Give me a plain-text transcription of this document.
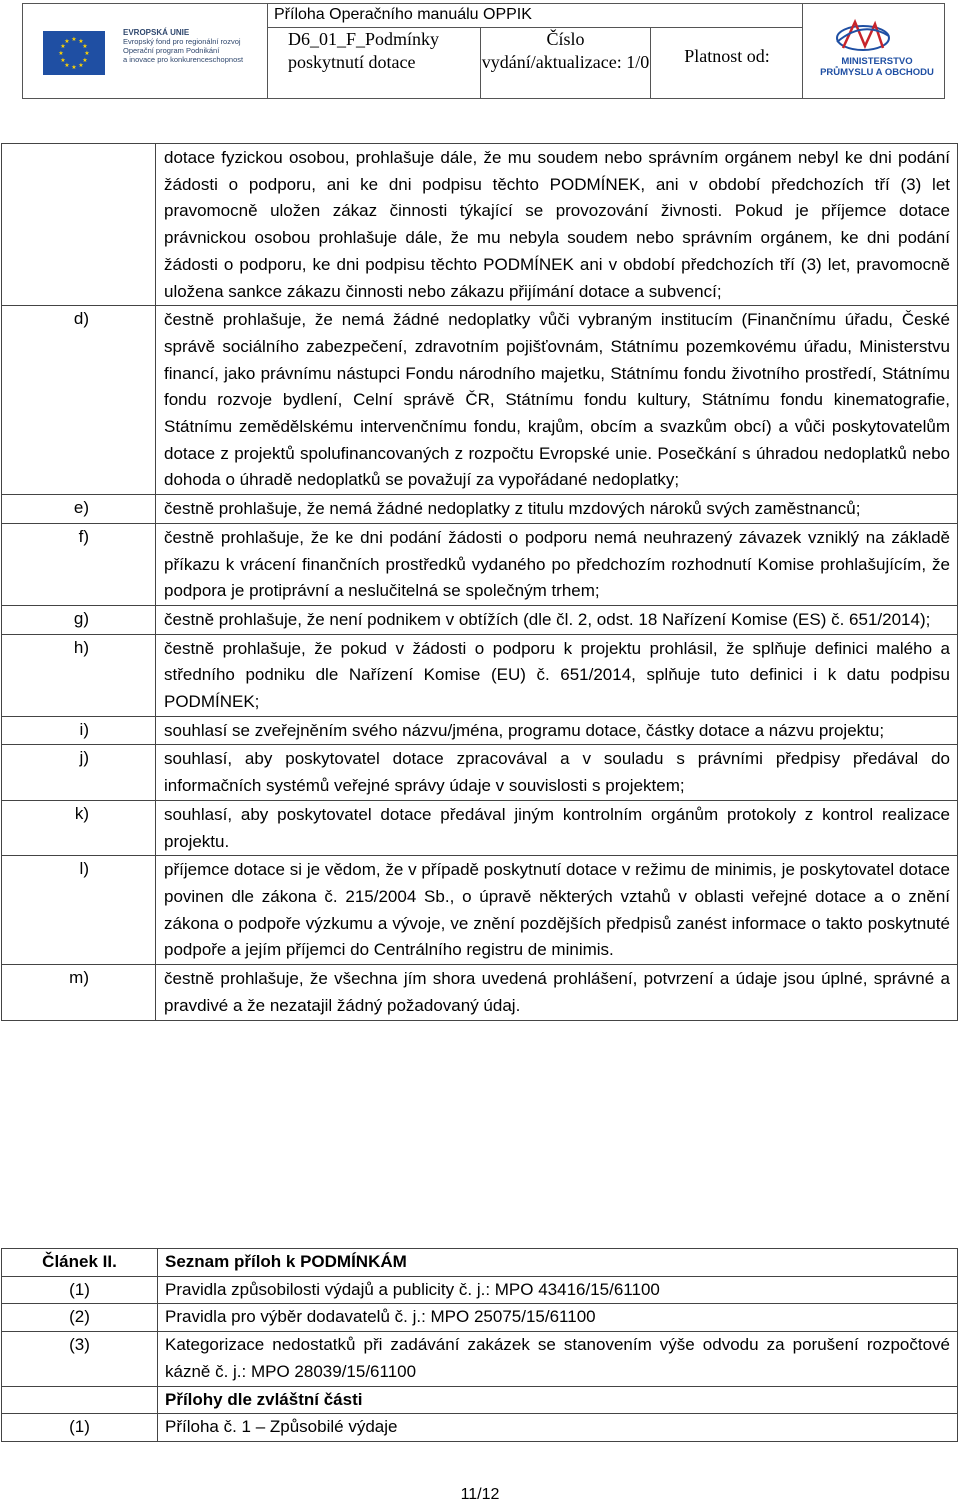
★ ★
★
★
★
★
★
★
★
★
★
★
EVROPSKÁ UNIE
Evropský fond pro regionální rozvoj
Operační program Podnikání
a inovace pro konkurenceschopnost
Příloha Operačního manuálu OPPIK
D6_01_F_Podmínky poskytnutí dotace
Číslo vydání/aktualizace: 1/0	Platnost od:	MINISTERSTVO
PRŮMYSLU A OBCHODU
	dotace fyzickou osobou, prohlašuje dále, že mu soudem nebo správním orgánem nebyl ke dni podání žádosti o podporu, ani ke dni podpisu těchto PODMÍNEK, ani v období předchozích tří (3) let pravomocně uložen zákaz činnosti týkající se provozování živnosti. Pokud je příjemce dotace právnickou osobou prohlašuje dále, že mu nebyla soudem nebo správním orgánem, ke dni podání žádosti o podporu, ke dni podpisu těchto PODMÍNEK ani v období předchozích tří (3) let, pravomocně uložena sankce zákazu činnosti nebo zákazu přijímání dotace a subvencí;
d)	čestně prohlašuje, že nemá žádné nedoplatky vůči vybraným institucím (Finančnímu úřadu, České správě sociálního zabezpečení, zdravotním pojišťovnám, Státnímu pozemkovému úřadu, Ministerstvu financí, jako právnímu nástupci Fondu národního majetku, Státnímu fondu životního prostředí, Státnímu fondu rozvoje bydlení, Celní správě ČR, Státnímu fondu kultury, Státnímu fondu kinematografie, Státnímu zemědělskému intervenčnímu fondu, krajům, obcím a svazkům obcí) a vůči poskytovatelům dotace z projektů spolufinancovaných z rozpočtu Evropské unie. Posečkání s úhradou nedoplatků nebo dohoda o úhradě nedoplatků se považují za vypořádané nedoplatky;
e)	čestně prohlašuje, že nemá žádné nedoplatky z titulu mzdových nároků svých zaměstnanců;
f)	čestně prohlašuje, že ke dni podání žádosti o podporu nemá neuhrazený závazek vzniklý na základě příkazu k vrácení finančních prostředků vydaného po předchozím rozhodnutí Komise prohlašujícím, že podpora je protiprávní a neslučitelná se společným trhem;
g)	čestně prohlašuje, že není podnikem v obtížích (dle čl. 2, odst. 18 Nařízení Komise (ES) č. 651/2014);
h)	čestně prohlašuje, že pokud v žádosti o podporu k projektu prohlásil, že splňuje definici malého a středního podniku dle Nařízení Komise (EU) č. 651/2014, splňuje tuto definici i k datu podpisu PODMÍNEK;
i)	souhlasí se zveřejněním svého názvu/jména, programu dotace, částky dotace a názvu projektu;
j)	souhlasí, aby poskytovatel dotace zpracovával a v souladu s právními předpisy předával do informačních systémů veřejné správy údaje v souvislosti s projektem;
k)	souhlasí, aby poskytovatel dotace předával jiným kontrolním orgánům protokoly z kontrol realizace projektu.
l)	příjemce dotace si je vědom, že v případě poskytnutí dotace v režimu de minimis, je poskytovatel dotace povinen dle zákona č. 215/2004 Sb., o úpravě některých vztahů v oblasti veřejné dotace a o znění zákona o podpoře výzkumu a vývoje, ve znění pozdějších předpisů zanést informace o takto poskytnuté podpoře a jejím příjemci do Centrálního registru de minimis.
m)	čestně prohlašuje, že všechna jím shora uvedená prohlášení, potvrzení a údaje jsou úplné, správné a pravdivé a že nezatajil žádný požadovaný údaj.
Článek II.	Seznam příloh k PODMÍNKÁM
(1)	Pravidla způsobilosti výdajů a publicity č. j.: MPO 43416/15/61100
(2)	Pravidla pro výběr dodavatelů č. j.: MPO 25075/15/61100
(3)	Kategorizace nedostatků při zadávání zakázek se stanovením výše odvodu za porušení rozpočtové kázně č. j.: MPO 28039/15/61100
	Přílohy dle zvláštní části
(1)	Příloha č. 1 – Způsobilé výdaje
11/12
